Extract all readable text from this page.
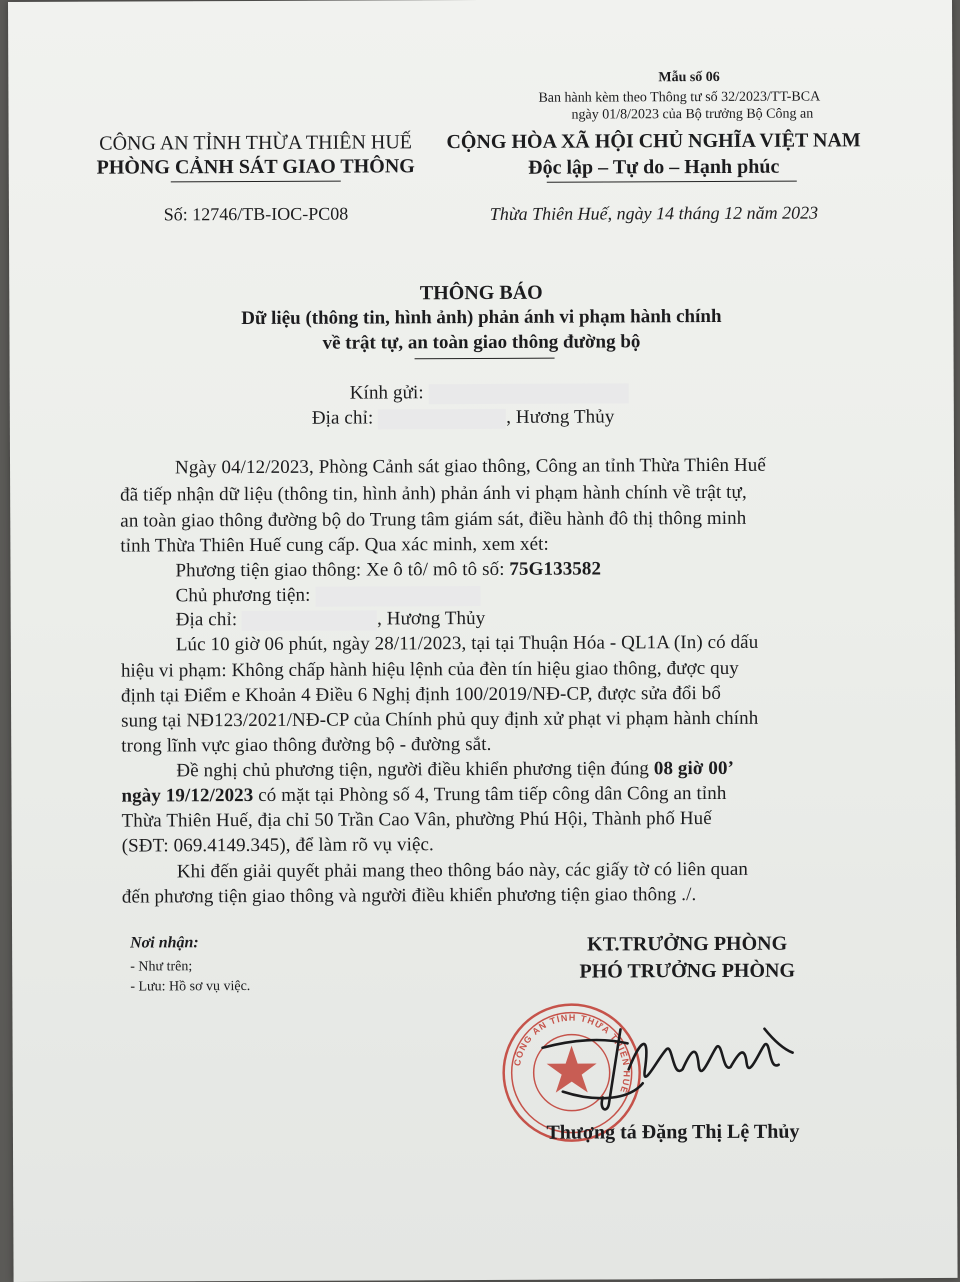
Mẫu số 06
Ban hành kèm theo Thông tư số 32/2023/TT-BCA
ngày 01/8/2023 của Bộ trưởng Bộ Công an
CÔNG AN TỈNH THỪA THIÊN HUẾ
PHÒNG CẢNH SÁT GIAO THÔNG
Số: 12746/TB-IOC-PC08
CỘNG HÒA XÃ HỘI CHỦ NGHĨA VIỆT NAM
Độc lập – Tự do – Hạnh phúc
Thừa Thiên Huế, ngày 14 tháng 12 năm 2023
THÔNG BÁO
Dữ liệu (thông tin, hình ảnh) phản ánh vi phạm hành chính
về trật tự, an toàn giao thông đường bộ
Kính gửi:
Địa chỉ:	, Hương Thủy
Ngày 04/12/2023, Phòng Cảnh sát giao thông, Công an tỉnh Thừa Thiên Huế
đã tiếp nhận dữ liệu (thông tin, hình ảnh) phản ánh vi phạm hành chính về trật tự,
an toàn giao thông đường bộ do Trung tâm giám sát, điều hành đô thị thông minh
tỉnh Thừa Thiên Huế cung cấp. Qua xác minh, xem xét:
Phương tiện giao thông: Xe ô tô/ mô tô số: 75G133582
Chủ phương tiện:
Địa chỉ:	, Hương Thủy
Lúc 10 giờ 06 phút, ngày 28/11/2023, tại tại Thuận Hóa - QL1A (In) có dấu
hiệu vi phạm: Không chấp hành hiệu lệnh của đèn tín hiệu giao thông, được quy
định tại Điểm e Khoản 4 Điều 6 Nghị định 100/2019/NĐ-CP, được sửa đổi bổ
sung tại NĐ123/2021/NĐ-CP của Chính phủ quy định xử phạt vi phạm hành chính
trong lĩnh vực giao thông đường bộ - đường sắt.
Đề nghị chủ phương tiện, người điều khiển phương tiện đúng 08 giờ 00’
ngày 19/12/2023 có mặt tại Phòng số 4, Trung tâm tiếp công dân Công an tỉnh
Thừa Thiên Huế, địa chỉ 50 Trần Cao Vân, phường Phú Hội, Thành phố Huế
(SĐT: 069.4149.345), để làm rõ vụ việc.
Khi đến giải quyết phải mang theo thông báo này, các giấy tờ có liên quan
đến phương tiện giao thông và người điều khiển phương tiện giao thông ./.
Nơi nhận:
- Như trên;
- Lưu: Hồ sơ vụ việc.
KT.TRƯỞNG PHÒNG
PHÓ TRƯỞNG PHÒNG
CÔNG AN TỈNH THỪA THIÊN HUẾ
Thượng tá Đặng Thị Lệ Thủy
